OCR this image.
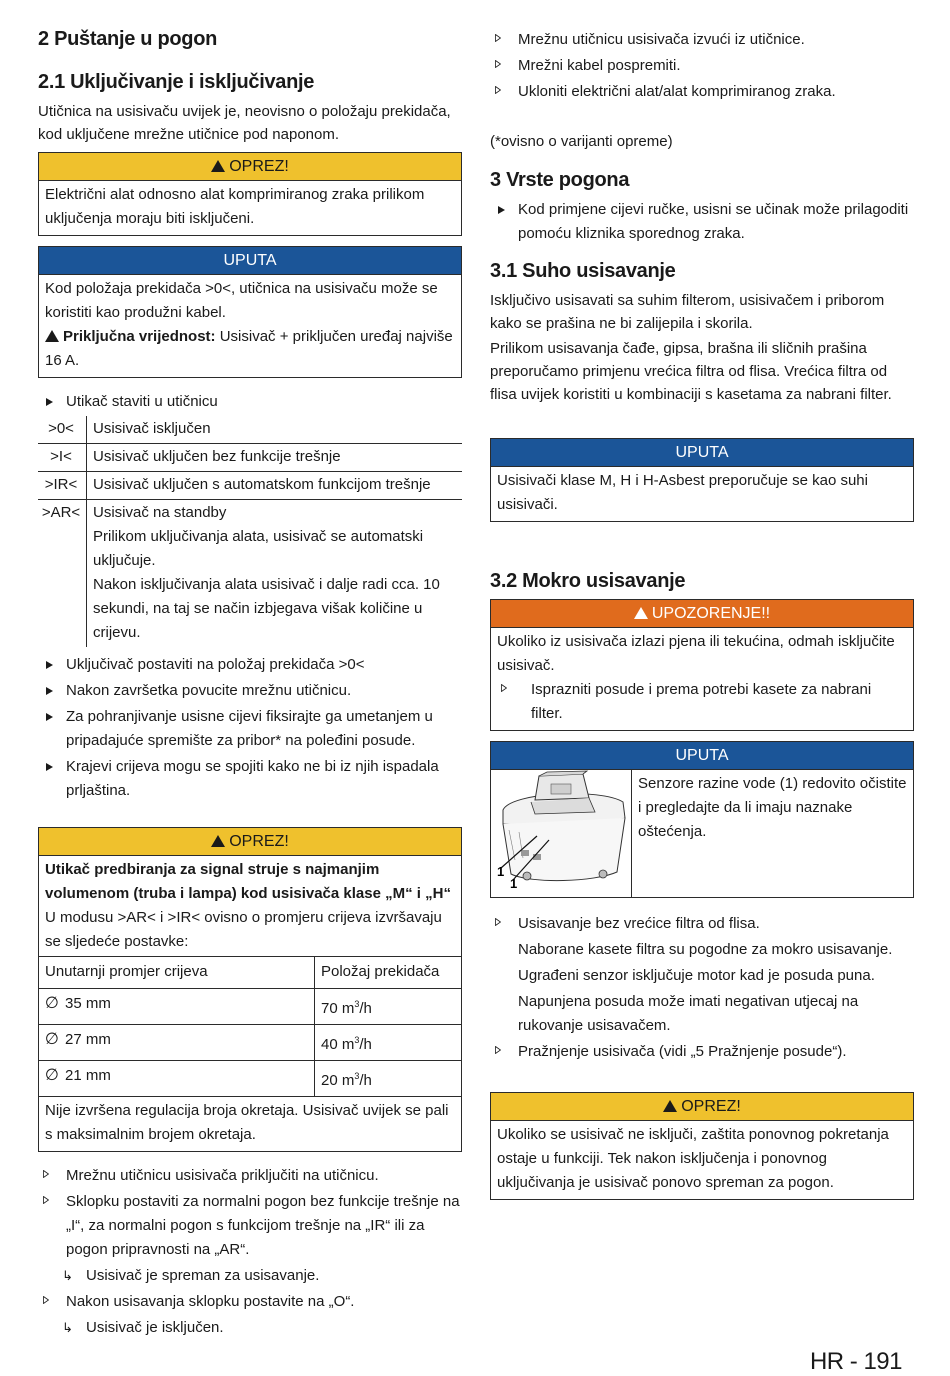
2 Puštanje u pogon
2.1 Uključivanje i isključivanje

Utičnica na usisivaču uvijek je, neovisno o položaju prekidača, kod uključene mrežne utičnice pod naponom.

OPREZ!
Električni alat odnosno alat komprimiranog zraka prilikom uključenja moraju biti isključeni.
UPUTA
Kod položaja prekidača >0<, utičnica na usisivaču može se koristiti kao produžni kabel.
Priključna vrijednost: Usisivač + priključen uređaj najviše 16 A.
Utikač staviti u utičnicu
>0<	Usisivač isključen
>I<	Usisivač uključen bez funkcije trešnje
>IR<	Usisivač uključen s automatskom funkcijom trešnje
>AR<	Usisivač na standby
Prilikom uključivanja alata, usisivač se automatski uključuje.
Nakon isključivanja alata usisivač i dalje radi cca. 10 sekundi, na taj se način izbjegava višak količine u crijevu.
Uključivač postaviti na položaj prekidača >0<
Nakon završetka povucite mrežnu utičnicu.
Za pohranjivanje usisne cijevi fiksirajte ga umetanjem u pripadajuće spremište za pribor* na poleđini posude.
Krajevi crijeva mogu se spojiti kako ne bi iz njih ispadala prljaština.
OPREZ!
Utikač predbiranja za signal struje s najmanjim volumenom (truba i lampa) kod usisivača klase „M“ i „H“
U modusu >AR< i >IR< ovisno o promjeru crijeva izvršavaju se sljedeće postavke:
Unutarnji promjer crijeva	Položaj prekidača
∅ 35 mm	70 $m^3/h$
∅ 27 mm	40 $m^3/h$
∅ 21 mm	20 $m^3/h$
Nije izvršena regulacija broja okretaja. Usisivač uvijek se pali s maksimalnim brojem okretaja.
Mrežnu utičnicu usisivača priključiti na utičnicu.
Sklopku postaviti za normalni pogon bez funkcije trešnje na „I“, za normalni pogon s funkcijom trešnje na „IR“ ili za pogon pripravnosti na „AR“.
↳ Usisivač je spreman za usisavanje.
Nakon usisavanja sklopku postavite na „O“.
↳ Usisivač je isključen.
Mrežnu utičnicu usisivača izvući iz utičnice.
Mrežni kabel pospremiti.
Ukloniti električni alat/alat komprimiranog zraka.

(*ovisno o varijanti opreme)

3 Vrste pogona
Kod primjene cijevi ručke, usisni se učinak može prilagoditi pomoću kliznika sporednog zraka.
3.1 Suho usisavanje

Isključivo usisavati sa suhim filterom, usisivačem i priborom kako se prašina ne bi zalijepila i skorila.

Prilikom usisavanja čađe, gipsa, brašna ili sličnih prašina preporučamo primjenu vrećica filtra od flisa. Vrećica filtra od flisa uvijek koristiti u kombinaciji s kasetama za nabrani filter.

UPUTA
Usisivači klase M, H i H-Asbest preporučuje se kao suhi usisivači.
3.2 Mokro usisavanje
UPOZORENJE!!
Ukoliko iz usisivača izlazi pjena ili tekućina, odmah isključite usisivač.
Isprazniti posude i prema potrebi kasete za nabrani filter.
UPUTA
1
1
Senzore razine vode (1) redovito očistite i pregledajte da li imaju naznake oštećenja.
Usisavanje bez vrećice filtra od flisa.
Naborane kasete filtra su pogodne za mokro usisavanje.
Ugrađeni senzor isključuje motor kad je posuda puna.
Napunjena posuda može imati negativan utjecaj na rukovanje usisavačem.
Pražnjenje usisivača (vidi „5 Pražnjenje posude“).
OPREZ!
Ukoliko se usisivač ne isključi, zaštita ponovnog pokretanja ostaje u funkciji. Tek nakon isključenja i ponovnog uključivanja je usisivač ponovo spreman za pogon.
HR - 191
